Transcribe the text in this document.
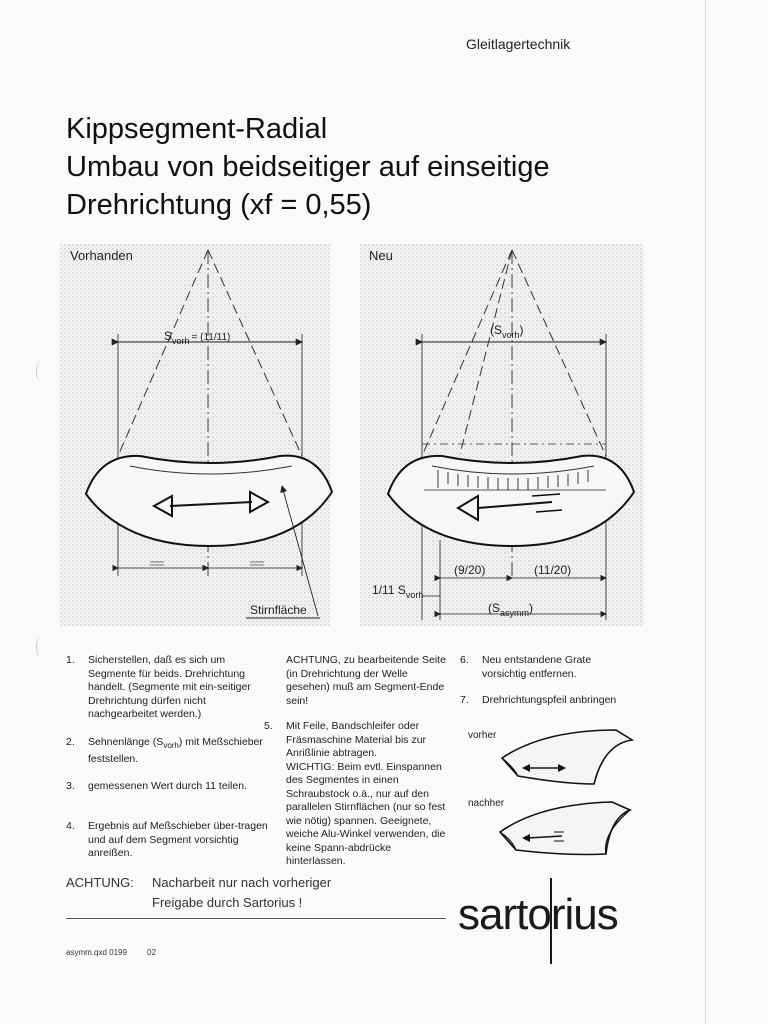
Gleitlagertechnik
Kippsegment-Radial
Umbau von beidseitiger auf einseitige
Drehrichtung (xf = 0,55)
Vorhanden
$S_{vorh}$ $^{= (11/11)}$
Stirnfläche
Neu
$(S_{vorh})$
(9/20)	(11/20)
1/11 $S_{vorh}$
$(S_{asymm})$
1. Sicherstellen, daß es sich um Segmente für beids. Drehrichtung handelt. (Segmente mit ein-seitiger Drehrichtung dürfen nicht nachgearbeitet werden.)
2. Sehnenlänge $(S_{vorh})$ mit Meßschieber feststellen.
3. gemessenen Wert durch 11 teilen.
4. Ergebnis auf Meßschieber über-tragen und auf dem Segment vorsichtig anreißen.
ACHTUNG, zu bearbeitende Seite (in Drehrichtung der Welle gesehen) muß am Segment-Ende sein!
5. Mit Feile, Bandschleifer oder Fräsmaschine Material bis zur Anrißlinie abtragen.
WICHTIG: Beim evtl. Einspannen des Segmentes in einen Schraubstock o.ä., nur auf den parallelen Stirnflächen (nur so fest wie nötig) spannen. Geeignete, weiche Alu-Winkel verwenden, die keine Spann-abdrücke hinterlassen.
6. Neu entstandene Grate vorsichtig entfernen.
7. Drehrichtungspfeil anbringen
vorher
nachher
ACHTUNG: Nacharbeit nur nach vorheriger
Freigabe durch Sartorius !	sartorius
asymm.qxd 0199	02
